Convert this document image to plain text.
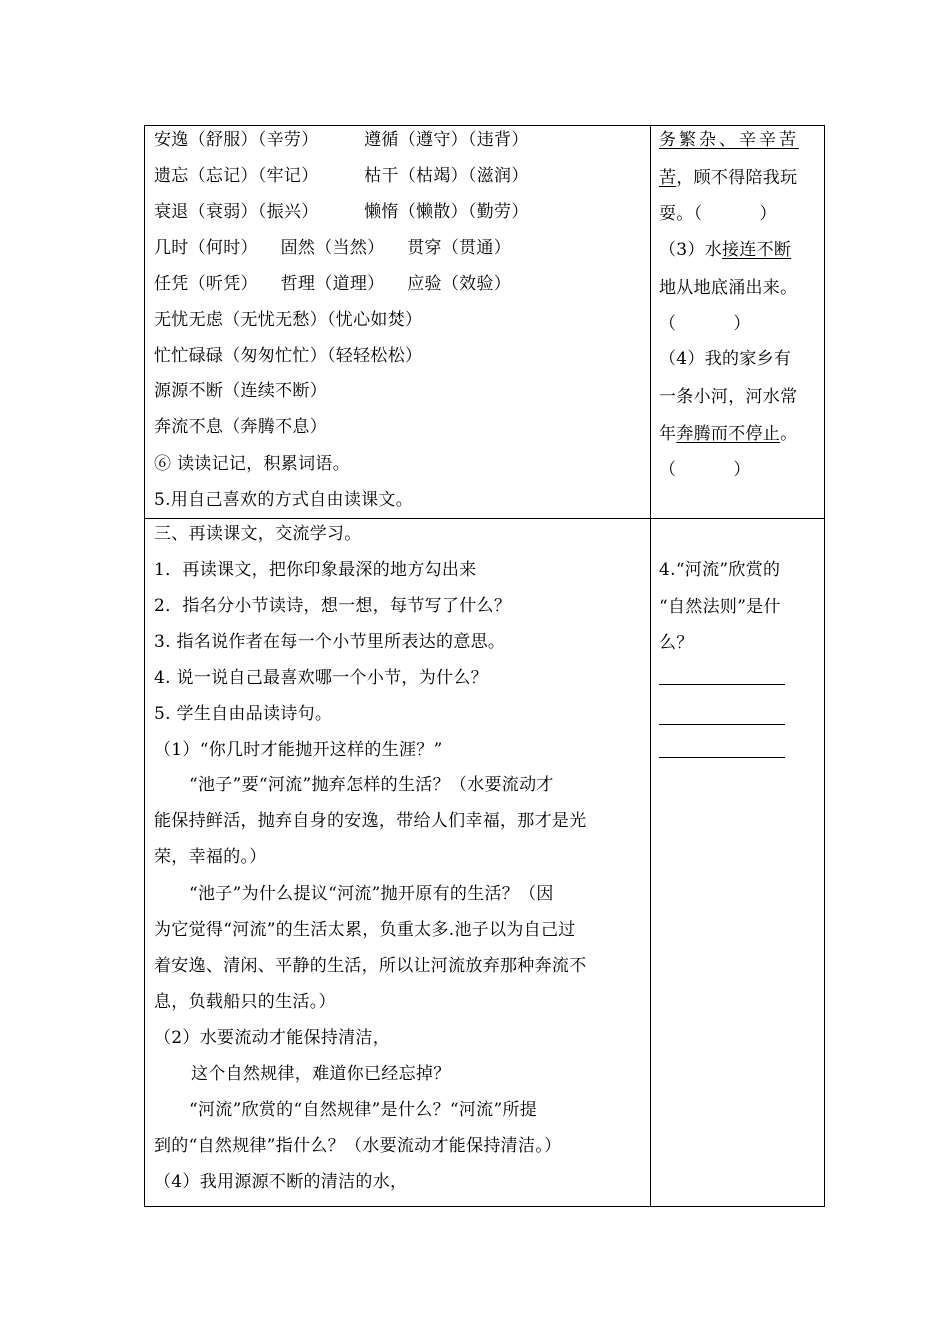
安逸（舒服）（辛劳）        遵循（遵守）（违背）
遗忘（忘记）（牢记）        枯干（枯竭）（滋润）
衰退（衰弱）（振兴）        懒惰（懒散）（勤劳）
几时（何时）    固然（当然）    贯穿（贯通）
任凭（听凭）    哲理（道理）    应验（效验）
无忧无虑（无忧无愁）（忧心如焚）
忙忙碌碌（匆匆忙忙）（轻轻松松）
源源不断（连续不断）
奔流不息（奔腾不息）
⑥ 读读记记，积累词语。
5.用自己喜欢的方式自由读课文。
务繁杂、辛辛苦
苦，顾不得陪我玩
耍。（          ）
（3）水接连不断
地从地底涌出来。
（          ）
（4）我的家乡有
一条小河，河水常
年奔腾而不停止。
（          ）
三、再读课文，交流学习。
1．再读课文，把你印象最深的地方勾出来
2．指名分小节读诗，想一想，每节写了什么？
3. 指名说作者在每一个小节里所表达的意思。
4. 说一说自己最喜欢哪一个小节，为什么？
5. 学生自由品读诗句。
（1）“你几时才能抛开这样的生涯？”
“池子”要“河流”抛弃怎样的生活？（水要流动才
能保持鲜活，抛弃自身的安逸，带给人们幸福，那才是光
荣，幸福的。）
“池子”为什么提议“河流”抛开原有的生活？（因
为它觉得“河流”的生活太累，负重太多.池子以为自己过
着安逸、清闲、平静的生活，所以让河流放弃那种奔流不
息，负载船只的生活。）
（2）水要流动才能保持清洁，
这个自然规律，难道你已经忘掉？
“河流”欣赏的“自然规律”是什么？“河流”所提
到的“自然规律”指什么？（水要流动才能保持清洁。）
（4）我用源源不断的清洁的水，
4.“河流”欣赏的
“自然法则”是什
么？
